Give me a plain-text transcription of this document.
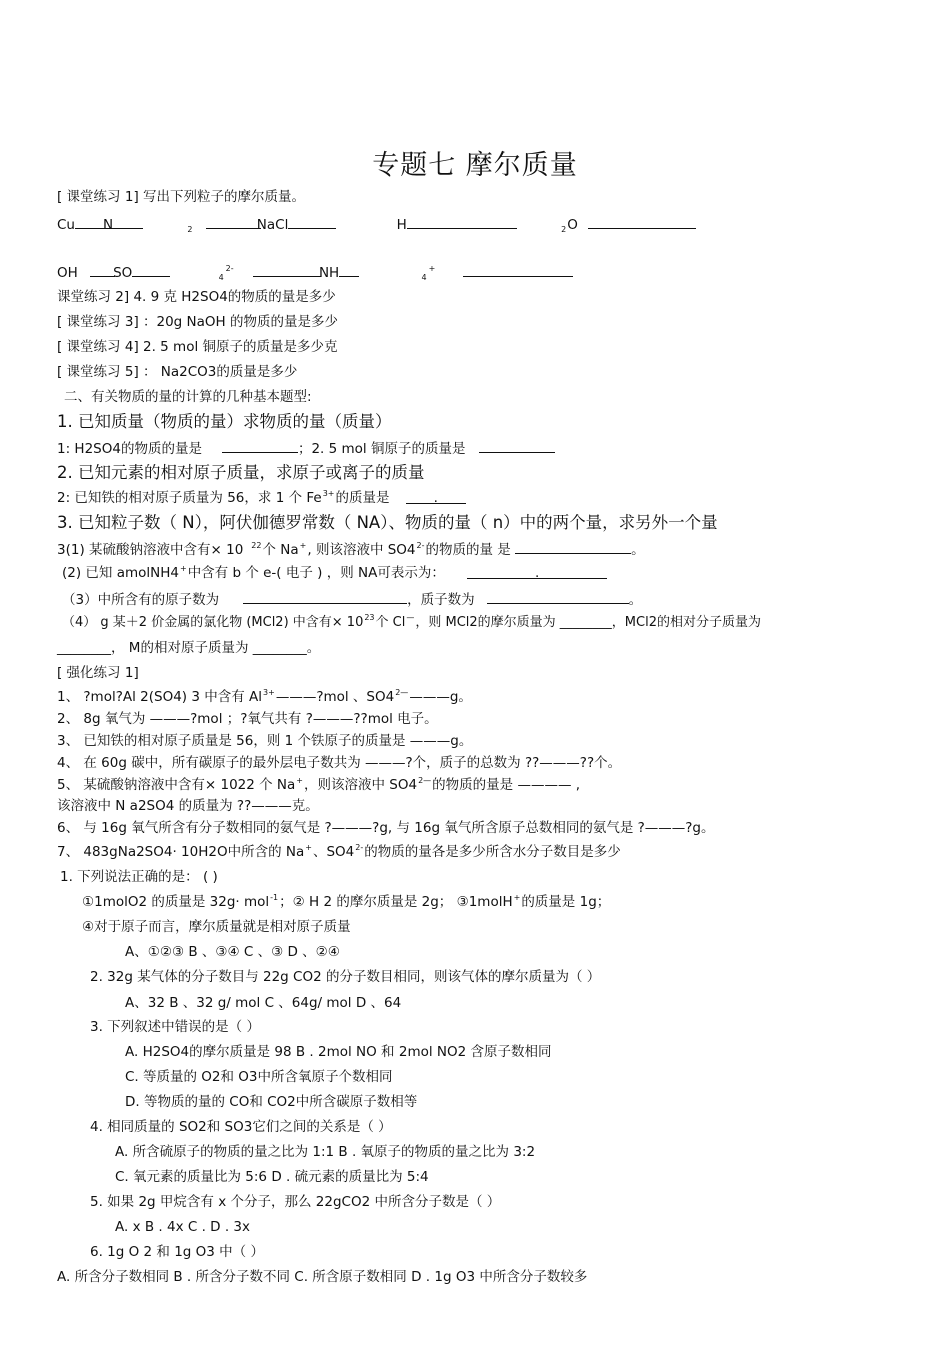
专题七 摩尔质量
[ 课堂练习 1] 写出下列粒子的摩尔质量。
Cu N	$_2$	NaCl	H	$_2$O
OH	SO	$_4^{2-}$	NH	$_4$+
课堂练习 2] 4. 9 克 H2SO4的物质的量是多少
[ 课堂练习 3] ：20g NaOH 的物质的量是多少
[ 课堂练习 4] 2. 5 mol 铜原子的质量是多少克
[ 课堂练习 5] ： Na2CO3的质量是多少
二、有关物质的量的计算的几种基本题型:
1. 已知质量（物质的量）求物质的量（质量）
1: H2SO4的物质的量是	；2. 5 mol 铜原子的质量是
2. 已知元素的相对原子质量，求原子或离子的质量
2: 已知铁的相对原子质量为 56，求 1 个 $Fe^{3+}$的质量是	.
3. 已知粒子数（ N），阿伏伽德罗常数（ NA）、物质的量（ n）中的两个量，求另外一个量
3(1) 某硫酸钠溶液中含有× 10 $^{22}$个 Na+, 则该溶液中 $SO4^{2-}$的物质的量 是	。
(2) 已知 amolNH4+中含有 b 个 e-( 电子 ) ，则 NA可表示为：	.
（3）中所含有的原子数为	，质子数为	。
（4） g 某＋2 价金属的氯化物 (MCl2) 中含有× $10^{23}$个 Cl—，则 MCl2的摩尔质量为 ________，MCl2的相对分子质量为
________， M的相对原子质量为 ________。
[ 强化练习 1]
1、 ?mol?Al 2(SO4) 3 中含有 $Al^{3+}———?mol$ 、$SO4^{2—}———g$。
2、 8g 氧气为 ———?mol ；?氧气共有 ?———??mol 电子。
3、 已知铁的相对原子质量是 56，则 1 个铁原子的质量是 ———g。
4、 在 60g 碳中，所有碳原子的最外层电子数共为 ———?个，质子的总数为 ??———??个。
5、 某硫酸钠溶液中含有× 1022 个 Na+，则该溶液中 $SO4^{2—}$的物质的量是 ———— ,
该溶液中 N a2SO4 的质量为 ??———克。
6、 与 16g 氧气所含有分子数相同的氨气是 ?———?g, 与 16g 氧气所含原子总数相同的氨气是 ?———?g。
7、 483gNa2SO4· 10H2O中所含的 Na+、$SO4^{2-}$的物质的量各是多少所含水分子数目是多少
1. 下列说法正确的是： ( )
①1molO2 的质量是 32g· mol$^{-1}$；② H 2 的摩尔质量是 2g； ③1molH+的质量是 1g；
④对于原子而言，摩尔质量就是相对原子质量
A、①②③ B 、③④ C 、③ D 、②④
2. 32g 某气体的分子数目与 22g CO2 的分子数目相同，则该气体的摩尔质量为（ ）
A、32 B 、32 g/ mol C 、64g/ mol D 、64
3. 下列叙述中错误的是（ ）
A. H2SO4的摩尔质量是 98 B . 2mol NO 和 2mol NO2 含原子数相同
C. 等质量的 O2和 O3中所含氧原子个数相同
D. 等物质的量的 CO和 CO2中所含碳原子数相等
4. 相同质量的 SO2和 SO3它们之间的关系是（ ）
A. 所含硫原子的物质的量之比为 1:1 B . 氧原子的物质的量之比为 3:2
C. 氧元素的质量比为 5:6 D . 硫元素的质量比为 5:4
5. 如果 2g 甲烷含有 x 个分子，那么 22gCO2 中所含分子数是（ ）
A. x B . 4x C . D . 3x
6. 1g O 2 和 1g O3 中（ ）
A. 所含分子数相同 B . 所含分子数不同 C. 所含原子数相同 D . 1g O3 中所含分子数较多
